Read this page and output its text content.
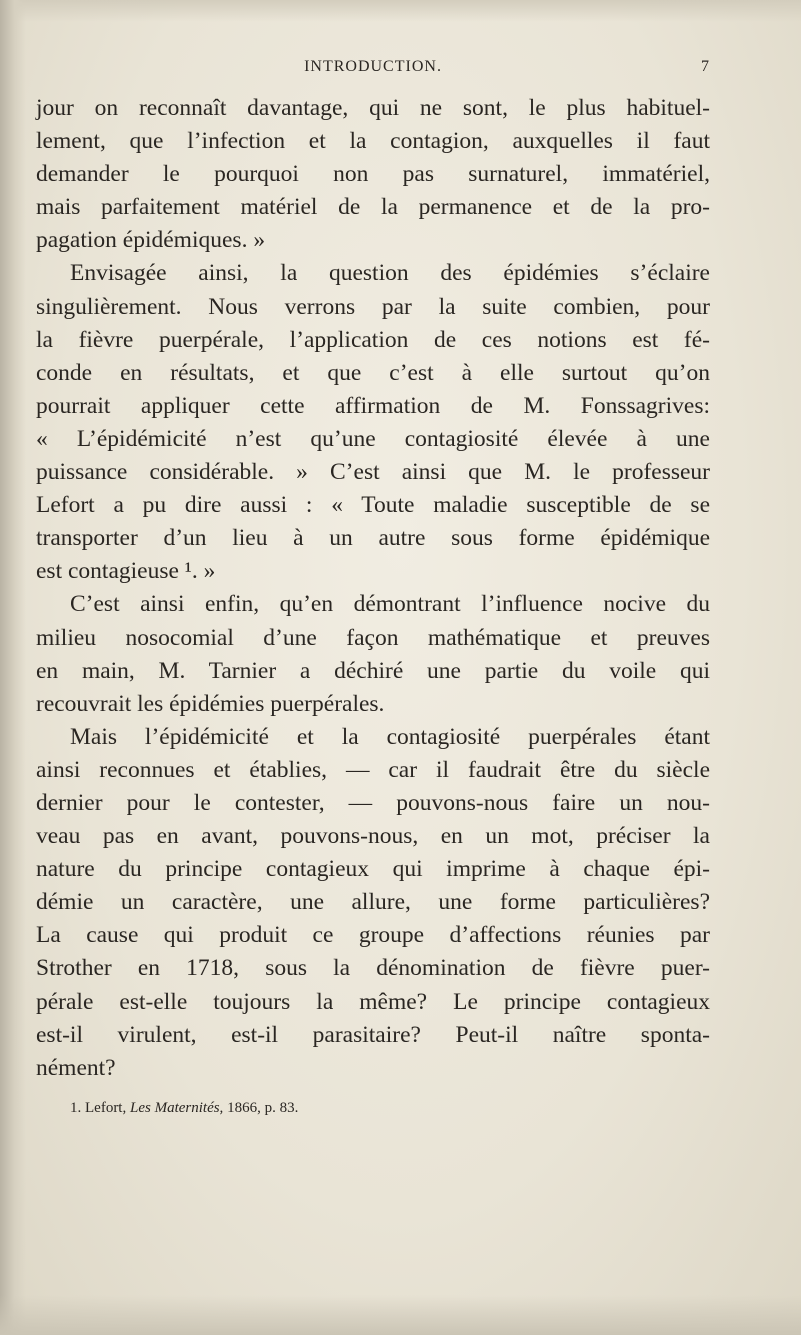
INTRODUCTION.	7
jour on reconnaît davantage, qui ne sont, le plus habituel-
lement, que l’infection et la contagion, auxquelles il faut
demander le pourquoi non pas surnaturel, immatériel,
mais parfaitement matériel de la permanence et de la pro-
pagation épidémiques. »
Envisagée ainsi, la question des épidémies s’éclaire
singulièrement. Nous verrons par la suite combien, pour
la fièvre puerpérale, l’application de ces notions est fé-
conde en résultats, et que c’est à elle surtout qu’on
pourrait appliquer cette affirmation de M. Fonssagrives:
« L’épidémicité n’est qu’une contagiosité élevée à une
puissance considérable. » C’est ainsi que M. le professeur
Lefort a pu dire aussi : « Toute maladie susceptible de se
transporter d’un lieu à un autre sous forme épidémique
est contagieuse ¹. »
C’est ainsi enfin, qu’en démontrant l’influence nocive du
milieu nosocomial d’une façon mathématique et preuves
en main, M. Tarnier a déchiré une partie du voile qui
recouvrait les épidémies puerpérales.
Mais l’épidémicité et la contagiosité puerpérales étant
ainsi reconnues et établies, — car il faudrait être du siècle
dernier pour le contester, — pouvons-nous faire un nou-
veau pas en avant, pouvons-nous, en un mot, préciser la
nature du principe contagieux qui imprime à chaque épi-
démie un caractère, une allure, une forme particulières?
La cause qui produit ce groupe d’affections réunies par
Strother en 1718, sous la dénomination de fièvre puer-
pérale est-elle toujours la même? Le principe contagieux
est-il virulent, est-il parasitaire? Peut-il naître sponta-
nément?
1. Lefort, Les Maternités, 1866, p. 83.
